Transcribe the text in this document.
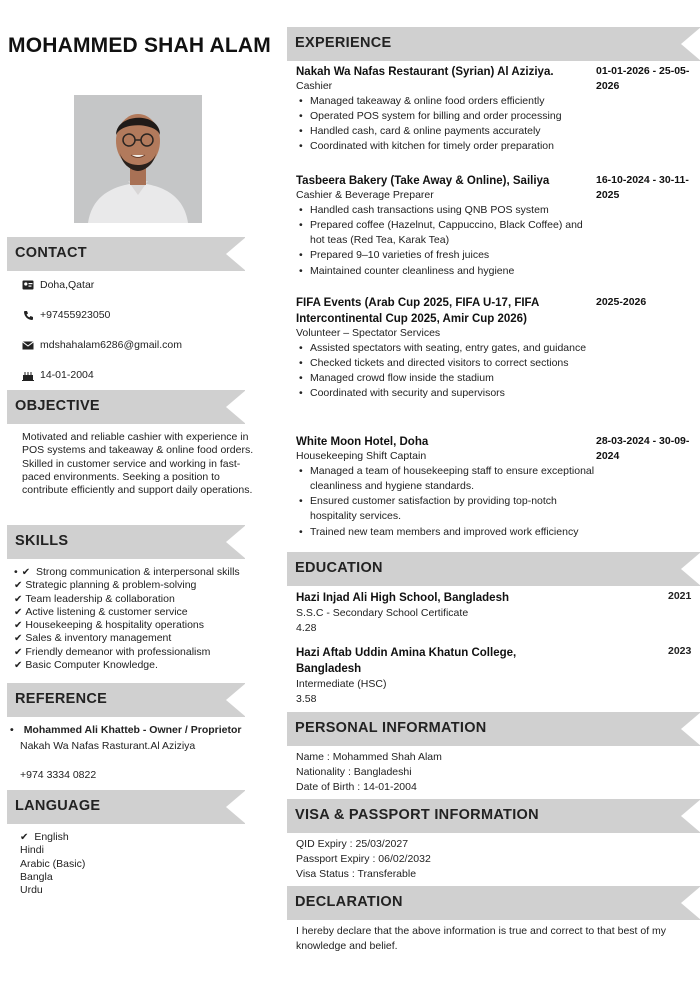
MOHAMMED SHAH ALAM
CONTACT
Doha,Qatar
+97455923050
mdshahalam6286@gmail.com
14-01-2004
OBJECTIVE
Motivated and reliable cashier with experience in POS systems and takeaway & online food orders. Skilled in customer service and working in fast-paced environments. Seeking a position to contribute efficiently and support daily operations.
SKILLS
• ✔ Strong communication & interpersonal skills
✔ Strategic planning & problem-solving
✔ Team leadership & collaboration
✔ Active listening & customer service
✔ Housekeeping & hospitality operations
✔ Sales & inventory management
✔ Friendly demeanor with professionalism
✔ Basic Computer Knowledge.
REFERENCE
• Mohammed Ali Khatteb - Owner / Proprietor
Nakah Wa Nafas Rasturant.Al Aziziya
+974 3334 0822
LANGUAGE
✔ English
Hindi
Arabic (Basic)
Bangla
Urdu
EXPERIENCE
Nakah Wa Nafas Restaurant (Syrian) Al Aziziya.
Cashier
• Managed takeaway & online food orders efficiently
• Operated POS system for billing and order processing
• Handled cash, card & online payments accurately
• Coordinated with kitchen for timely order preparation
01-01-2026 - 25-05-2026
Tasbeera Bakery (Take Away & Online), Sailiya
Cashier & Beverage Preparer
• Handled cash transactions using QNB POS system
• Prepared coffee (Hazelnut, Cappuccino, Black Coffee) and hot teas (Red Tea, Karak Tea)
• Prepared 9–10 varieties of fresh juices
• Maintained counter cleanliness and hygiene
16-10-2024 - 30-11-2025
FIFA Events (Arab Cup 2025, FIFA U-17, FIFA Intercontinental Cup 2025, Amir Cup 2026)
Volunteer – Spectator Services
• Assisted spectators with seating, entry gates, and guidance
• Checked tickets and directed visitors to correct sections
• Managed crowd flow inside the stadium
• Coordinated with security and supervisors
2025-2026
White Moon Hotel, Doha
Housekeeping Shift Captain
• Managed a team of housekeeping staff to ensure exceptional cleanliness and hygiene standards.
• Ensured customer satisfaction by providing top-notch hospitality services.
• Trained new team members and improved work efficiency
28-03-2024 - 30-09-2024
EDUCATION
Hazi Injad Ali High School, Bangladesh
S.S.C - Secondary School Certificate
4.28
2021
Hazi Aftab Uddin Amina Khatun College, Bangladesh
Intermediate (HSC)
3.58
2023
PERSONAL INFORMATION
Name : Mohammed Shah Alam
Nationality : Bangladeshi
Date of Birth : 14-01-2004
VISA & PASSPORT INFORMATION
QID Expiry : 25/03/2027
Passport Expiry : 06/02/2032
Visa Status : Transferable
DECLARATION
I hereby declare that the above information is true and correct to that best of my knowledge and belief.
